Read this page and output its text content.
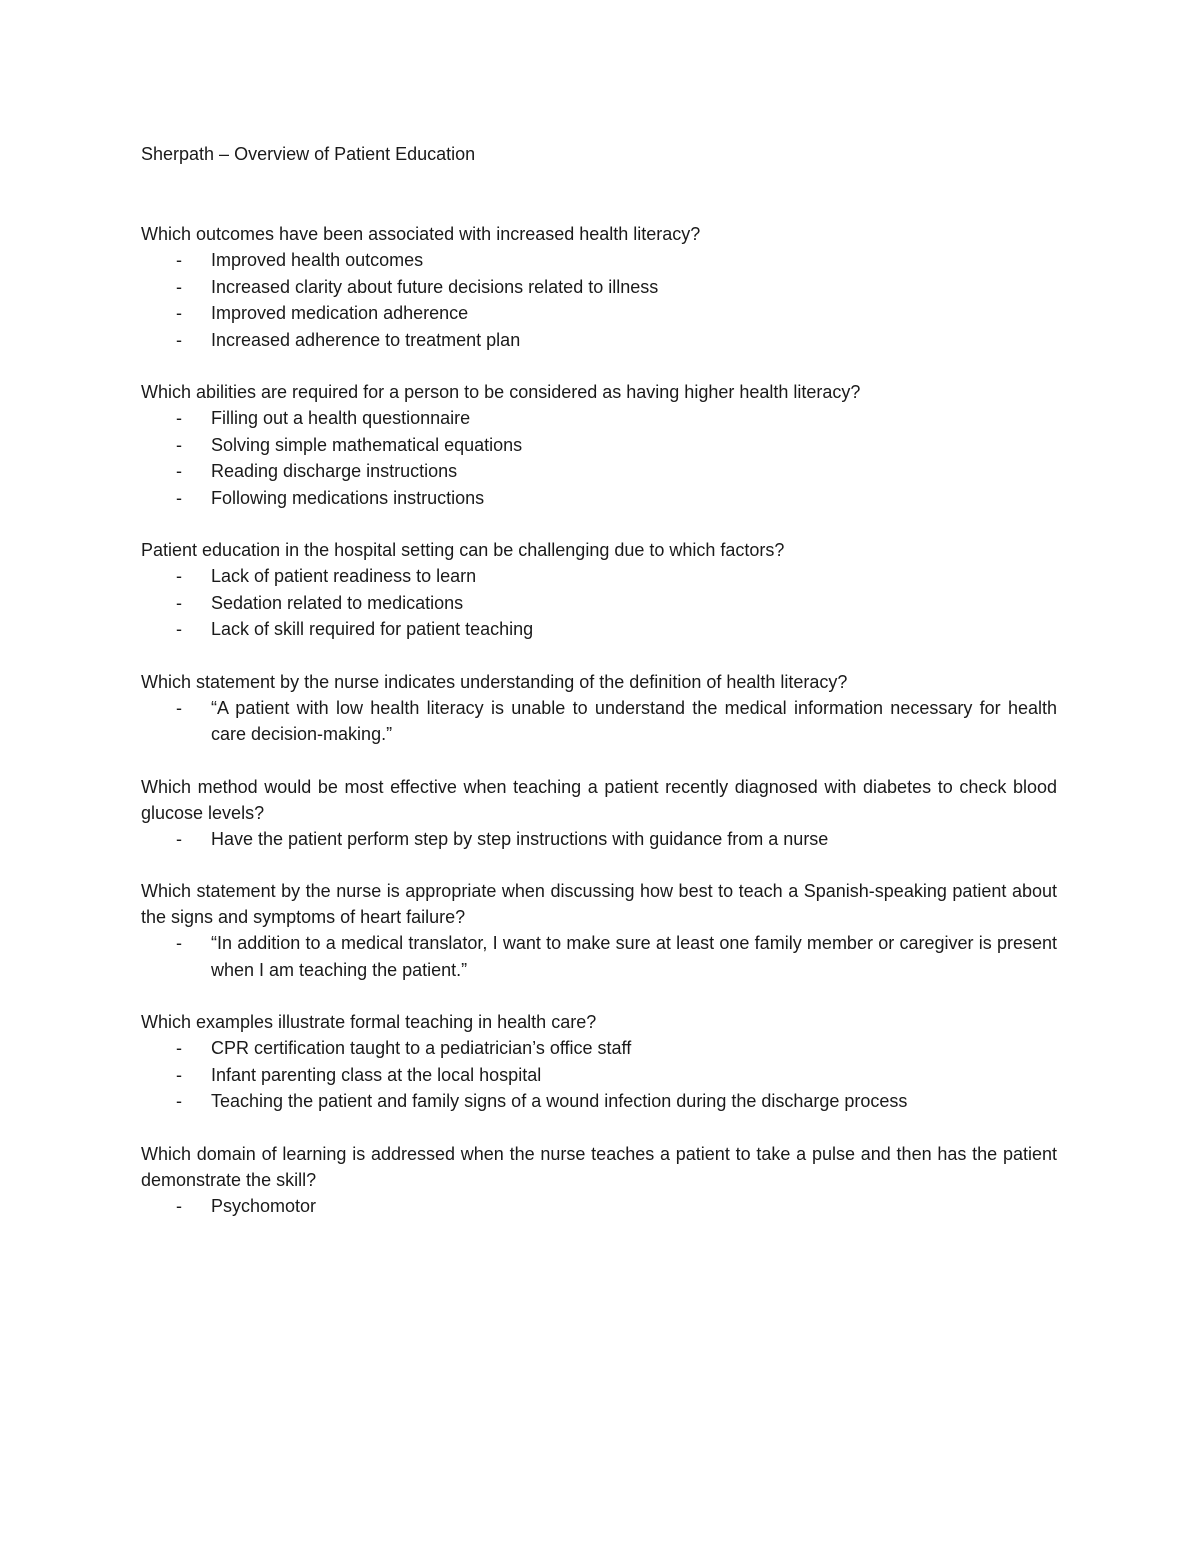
Sherpath – Overview of Patient Education

Which outcomes have been associated with increased health literacy?

- Improved health outcomes
- Increased clarity about future decisions related to illness
- Improved medication adherence
- Increased adherence to treatment plan

Which abilities are required for a person to be considered as having higher health literacy?

- Filling out a health questionnaire
- Solving simple mathematical equations
- Reading discharge instructions
- Following medications instructions

Patient education in the hospital setting can be challenging due to which factors?

- Lack of patient readiness to learn
- Sedation related to medications
- Lack of skill required for patient teaching

Which statement by the nurse indicates understanding of the definition of health literacy?

- “A patient with low health literacy is unable to understand the medical information necessary for health care decision-making.”

Which method would be most effective when teaching a patient recently diagnosed with diabetes to check blood glucose levels?

- Have the patient perform step by step instructions with guidance from a nurse

Which statement by the nurse is appropriate when discussing how best to teach a Spanish-speaking patient about the signs and symptoms of heart failure?

- “In addition to a medical translator, I want to make sure at least one family member or caregiver is present when I am teaching the patient.”

Which examples illustrate formal teaching in health care?

- CPR certification taught to a pediatrician’s office staff
- Infant parenting class at the local hospital
- Teaching the patient and family signs of a wound infection during the discharge process

Which domain of learning is addressed when the nurse teaches a patient to take a pulse and then has the patient demonstrate the skill?

- Psychomotor
